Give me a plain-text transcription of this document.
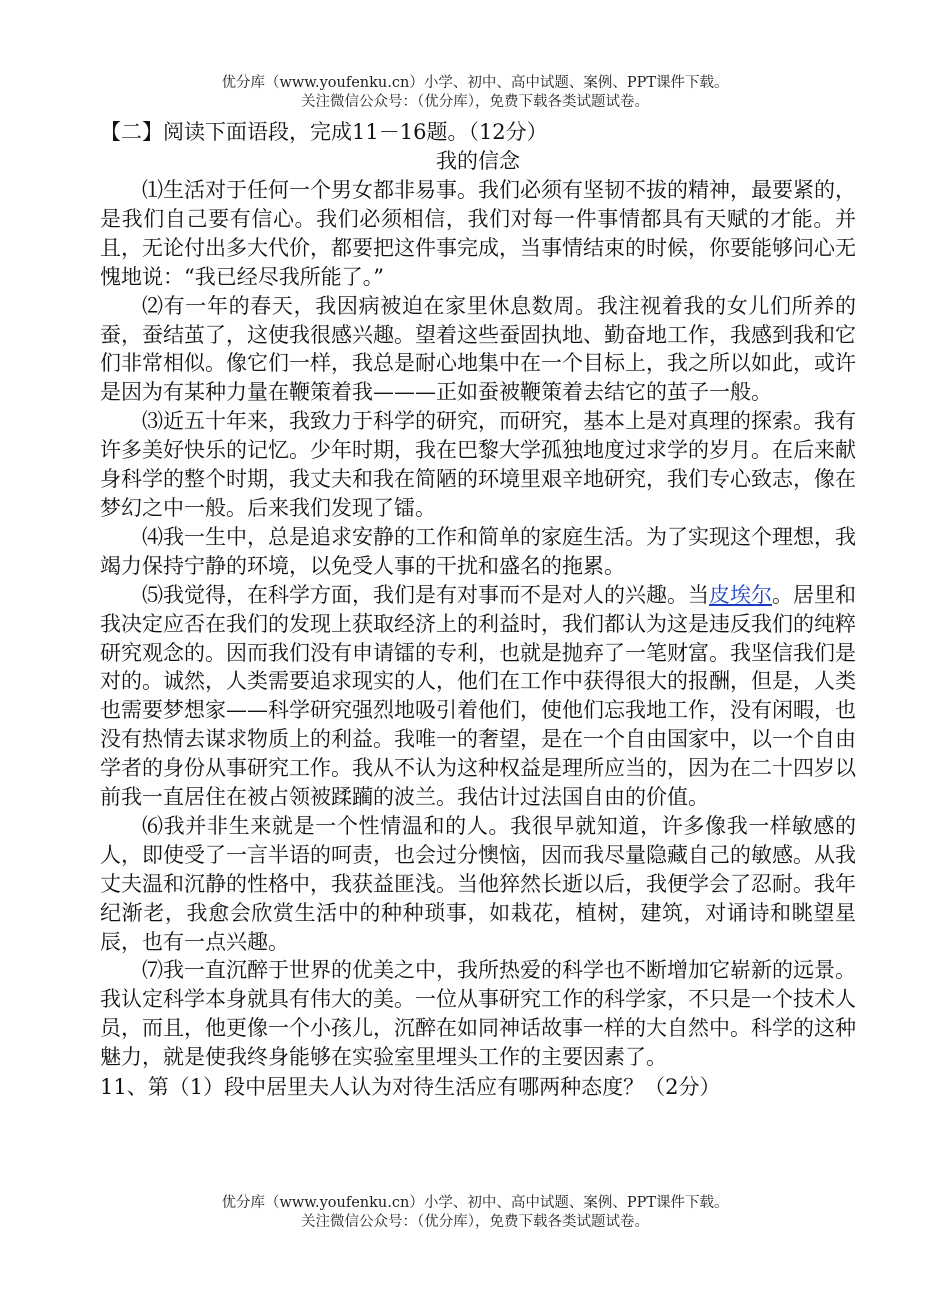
优分库（www.youfenku.cn）小学、初中、高中试题、案例、PPT课件下载。
关注微信公众号：（优分库），免费下载各类试题试卷。

【二】阅读下面语段，完成11－16题。（12分）

我的信念

⑴生活对于任何一个男女都非易事。我们必须有坚韧不拔的精神，最要紧的，是我们自己要有信心。我们必须相信，我们对每一件事情都具有天赋的才能。并且，无论付出多大代价，都要把这件事完成，当事情结束的时候，你要能够问心无愧地说：“我已经尽我所能了。”

⑵有一年的春天，我因病被迫在家里休息数周。我注视着我的女儿们所养的蚕，蚕结茧了，这使我很感兴趣。望着这些蚕固执地、勤奋地工作，我感到我和它们非常相似。像它们一样，我总是耐心地集中在一个目标上，我之所以如此，或许是因为有某种力量在鞭策着我———正如蚕被鞭策着去结它的茧子一般。

⑶近五十年来，我致力于科学的研究，而研究，基本上是对真理的探索。我有许多美好快乐的记忆。少年时期，我在巴黎大学孤独地度过求学的岁月。在后来献身科学的整个时期，我丈夫和我在简陋的环境里艰辛地研究，我们专心致志，像在梦幻之中一般。后来我们发现了镭。

⑷我一生中，总是追求安静的工作和简单的家庭生活。为了实现这个理想，我竭力保持宁静的环境，以免受人事的干扰和盛名的拖累。

⑸我觉得，在科学方面，我们是有对事而不是对人的兴趣。当皮埃尔。居里和我决定应否在我们的发现上获取经济上的利益时，我们都认为这是违反我们的纯粹研究观念的。因而我们没有申请镭的专利，也就是抛弃了一笔财富。我坚信我们是对的。诚然，人类需要追求现实的人，他们在工作中获得很大的报酬，但是，人类也需要梦想家——科学研究强烈地吸引着他们，使他们忘我地工作，没有闲暇，也没有热情去谋求物质上的利益。我唯一的奢望，是在一个自由国家中，以一个自由学者的身份从事研究工作。我从不认为这种权益是理所应当的，因为在二十四岁以前我一直居住在被占领被蹂躏的波兰。我估计过法国自由的价值。

⑹我并非生来就是一个性情温和的人。我很早就知道，许多像我一样敏感的人，即使受了一言半语的呵责，也会过分懊恼，因而我尽量隐藏自己的敏感。从我丈夫温和沉静的性格中，我获益匪浅。当他猝然长逝以后，我便学会了忍耐。我年纪渐老，我愈会欣赏生活中的种种琐事，如栽花，植树，建筑，对诵诗和眺望星辰，也有一点兴趣。

⑺我一直沉醉于世界的优美之中，我所热爱的科学也不断增加它崭新的远景。我认定科学本身就具有伟大的美。一位从事研究工作的科学家，不只是一个技术人员，而且，他更像一个小孩儿，沉醉在如同神话故事一样的大自然中。科学的这种魅力，就是使我终身能够在实验室里埋头工作的主要因素了。

11、第（1）段中居里夫人认为对待生活应有哪两种态度？（2分）

优分库（www.youfenku.cn）小学、初中、高中试题、案例、PPT课件下载。
关注微信公众号：（优分库），免费下载各类试题试卷。
